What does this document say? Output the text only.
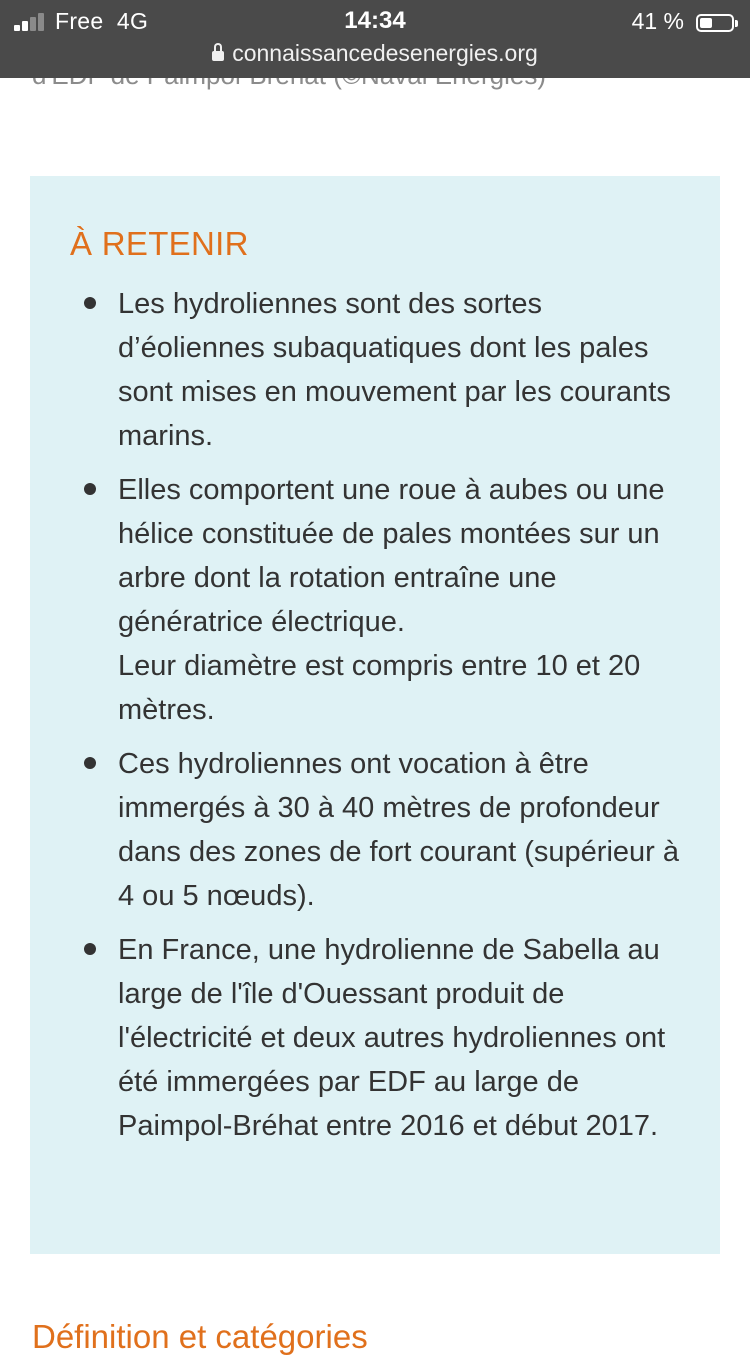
Free 4G	14:34	41 %
connaissancedesenergies.org
À RETENIR
Les hydroliennes sont des sortes d’éoliennes subaquatiques dont les pales sont mises en mouvement par les courants marins.
Elles comportent une roue à aubes ou une hélice constituée de pales montées sur un arbre dont la rotation entraîne une génératrice électrique.
Leur diamètre est compris entre 10 et 20 mètres.
Ces hydroliennes ont vocation à être immergés à 30 à 40 mètres de profondeur dans des zones de fort courant (supérieur à 4 ou 5 nœuds).
En France, une hydrolienne de Sabella au large de l'île d'Ouessant produit de l'électricité et deux autres hydroliennes ont été immergées par EDF au large de Paimpol-Bréhat entre 2016 et début 2017.
Définition et catégories
